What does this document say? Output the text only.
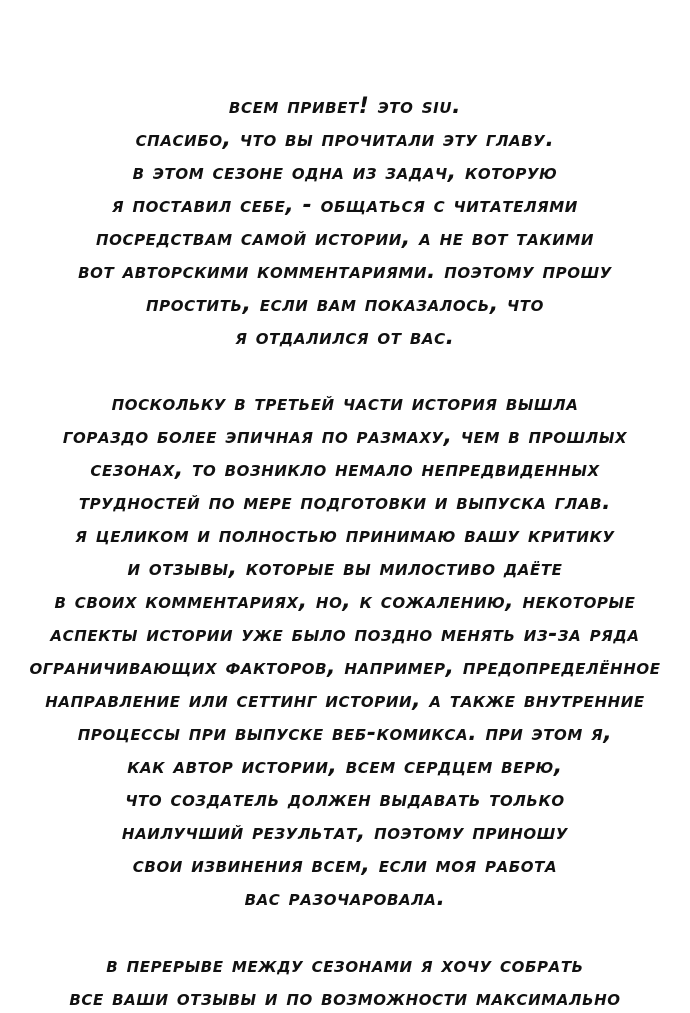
всем привет! это siu.
спасибо, что вы прочитали эту главу.
в этом сезоне одна из задач, которую
я поставил себе, - общаться с читателями
посредствам самой истории, а не вот такими
вот авторскими комментариями. поэтому прошу
простить, если вам показалось, что
я отдалился от вас.
поскольку в третьей части история вышла
гораздо более эпичная по размаху, чем в прошлых
сезонах, то возникло немало непредвиденных
трудностей по мере подготовки и выпуска глав.
я целиком и полностью принимаю вашу критику
и отзывы, которые вы милостиво даёте
в своих комментариях, но, к сожалению, некоторые
аспекты истории уже было поздно менять из-за ряда
ограничивающих факторов, например, предопределённое
направление или сеттинг истории, а также внутренние
процессы при выпуске веб-комикса. при этом я,
как автор истории, всем сердцем верю,
что создатель должен выдавать только
наилучший результат, поэтому приношу
свои извинения всем, если моя работа
вас разочаровала.
в перерыве между сезонами я хочу собрать
все ваши отзывы и по возможности максимально
